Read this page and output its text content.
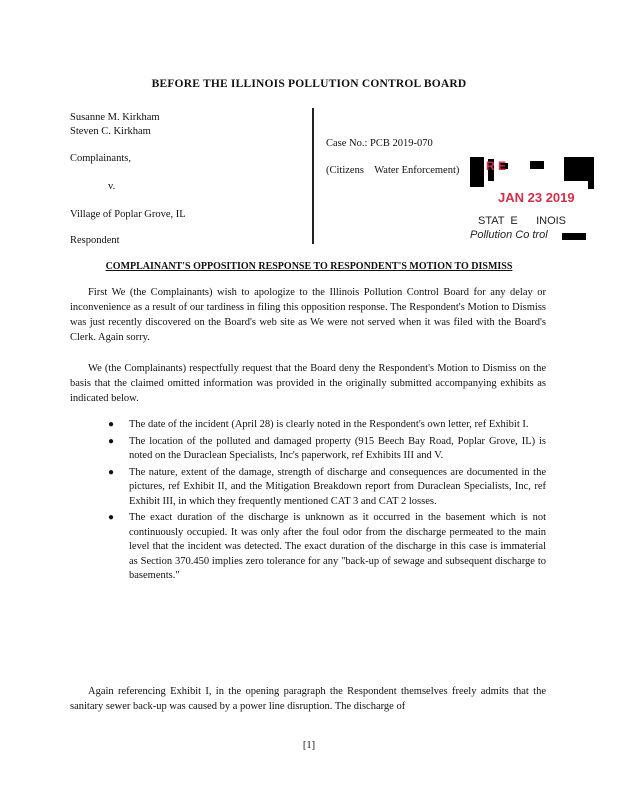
BEFORE THE ILLINOIS POLLUTION CONTROL BOARD
Susanne M. Kirkham
Steven C. Kirkham
Complainants,
v.
Village of Poplar Grove, IL
Respondent
Case No.: PCB 2019-070
(Citizens    Water Enforcement) R E
JAN 23 2019
STAT  E      INOIS
Pollution Co trol
COMPLAINANT'S OPPOSITION RESPONSE TO RESPONDENT'S MOTION TO DISMISS

First We (the Complainants) wish to apologize to the Illinois Pollution Control Board for any delay or inconvenience as a result of our tardiness in filing this opposition response. The Respondent's Motion to Dismiss was just recently discovered on the Board's web site as We were not served when it was filed with the Board's Clerk. Again sorry.

We (the Complainants) respectfully request that the Board deny the Respondent's Motion to Dismiss on the basis that the claimed omitted information was provided in the originally submitted accompanying exhibits as indicated below.

● The date of the incident (April 28) is clearly noted in the Respondent's own letter, ref Exhibit I.
● The location of the polluted and damaged property (915 Beech Bay Road, Poplar Grove, IL) is noted on the Duraclean Specialists, Inc's paperwork, ref Exhibits III and V.
● The nature, extent of the damage, strength of discharge and consequences are documented in the pictures, ref Exhibit II, and the Mitigation Breakdown report from Duraclean Specialists, Inc, ref Exhibit III, in which they frequently mentioned CAT 3 and CAT 2 losses.
● The exact duration of the discharge is unknown as it occurred in the basement which is not continuously occupied. It was only after the foul odor from the discharge permeated to the main level that the incident was detected. The exact duration of the discharge in this case is immaterial as Section 370.450 implies zero tolerance for any "back-up of sewage and subsequent discharge to basements."

Again referencing Exhibit I, in the opening paragraph the Respondent themselves freely admits that the sanitary sewer back-up was caused by a power line disruption. The discharge of

[1]
